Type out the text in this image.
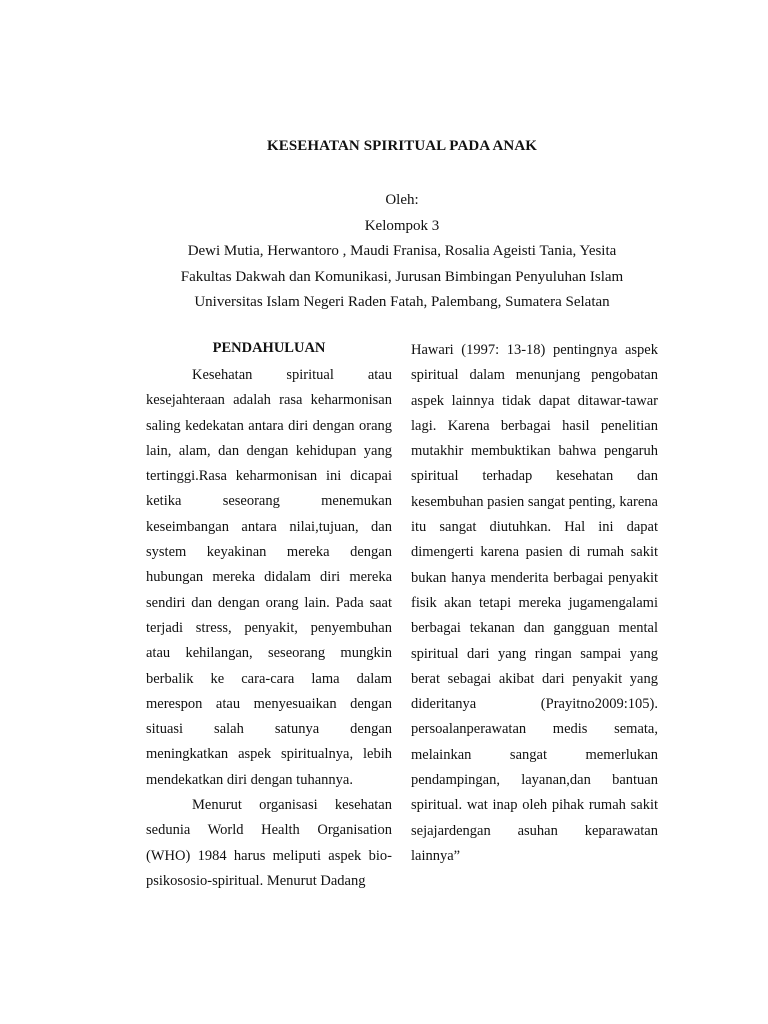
KESEHATAN SPIRITUAL PADA ANAK
Oleh:
Kelompok 3
Dewi Mutia, Herwantoro , Maudi Franisa, Rosalia Ageisti Tania, Yesita
Fakultas Dakwah dan Komunikasi, Jurusan Bimbingan Penyuluhan Islam
Universitas Islam Negeri Raden Fatah, Palembang, Sumatera Selatan
PENDAHULUAN

Kesehatan spiritual atau kesejahteraan adalah rasa keharmonisan saling kedekatan antara diri dengan orang lain, alam, dan dengan kehidupan yang tertinggi.Rasa keharmonisan ini dicapai ketika seseorang menemukan keseimbangan antara nilai,tujuan, dan system keyakinan mereka dengan hubungan mereka didalam diri mereka sendiri dan dengan orang lain. Pada saat terjadi stress, penyakit, penyembuhan atau kehilangan, seseorang mungkin berbalik ke cara-cara lama dalam merespon atau menyesuaikan dengan situasi salah satunya dengan meningkatkan aspek spiritualnya, lebih mendekatkan diri dengan tuhannya.

Menurut organisasi kesehatan sedunia World Health Organisation (WHO) 1984 harus meliputi aspek bio-psikososio-spiritual. Menurut Dadang

Hawari (1997: 13-18) pentingnya aspek spiritual dalam menunjang pengobatan aspek lainnya tidak dapat ditawar-tawar lagi. Karena berbagai hasil penelitian mutakhir membuktikan bahwa pengaruh spiritual terhadap kesehatan dan kesembuhan pasien sangat penting, karena itu sangat diutuhkan. Hal ini dapat dimengerti karena pasien di rumah sakit bukan hanya menderita berbagai penyakit fisik akan tetapi mereka jugamengalami berbagai tekanan dan gangguan mental spiritual dari yang ringan sampai yang berat sebagai akibat dari penyakit yang dideritanya (Prayitno2009:105). persoalanperawatan medis semata, melainkan sangat memerlukan pendampingan, layanan,dan bantuan spiritual. wat inap oleh pihak rumah sakit sejajardengan asuhan keparawatan lainnya”
